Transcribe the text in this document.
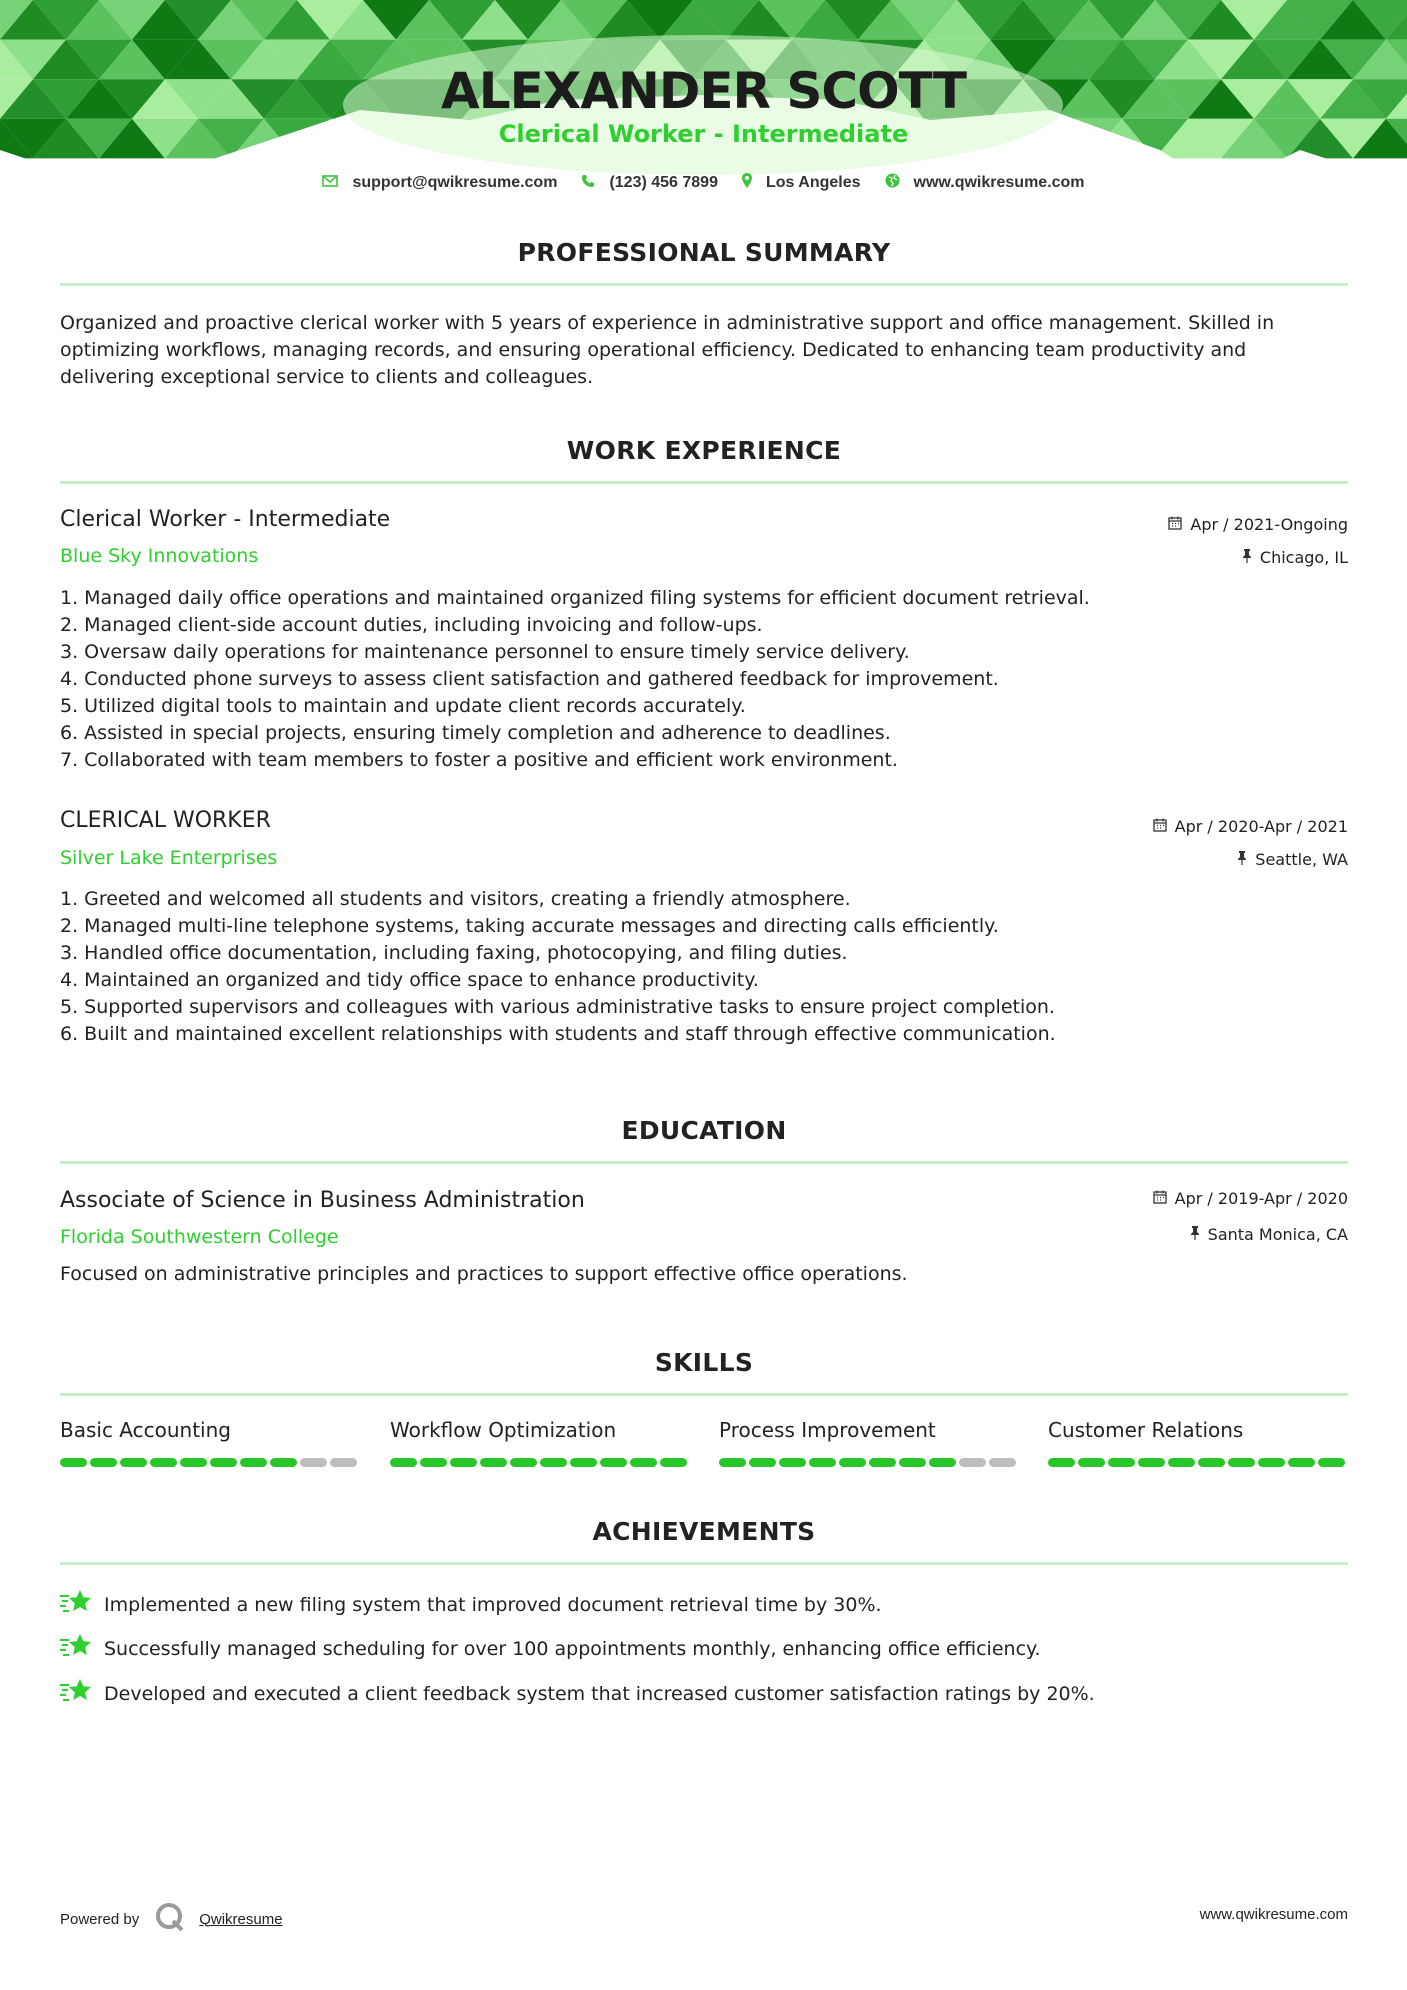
ALEXANDER SCOTT
Clerical Worker - Intermediate
support@qwikresume.com	(123) 456 7899	Los Angeles	www.qwikresume.com
PROFESSIONAL SUMMARY
Organized and proactive clerical worker with 5 years of experience in administrative support and office management. Skilled in
optimizing workflows, managing records, and ensuring operational efficiency. Dedicated to enhancing team productivity and
delivering exceptional service to clients and colleagues.
WORK EXPERIENCE
Clerical Worker - Intermediate
Blue Sky Innovations
Apr / 2021-Ongoing
Chicago, IL
1. Managed daily office operations and maintained organized filing systems for efficient document retrieval.
2. Managed client-side account duties, including invoicing and follow-ups.
3. Oversaw daily operations for maintenance personnel to ensure timely service delivery.
4. Conducted phone surveys to assess client satisfaction and gathered feedback for improvement.
5. Utilized digital tools to maintain and update client records accurately.
6. Assisted in special projects, ensuring timely completion and adherence to deadlines.
7. Collaborated with team members to foster a positive and efficient work environment.
CLERICAL WORKER
Silver Lake Enterprises
Apr / 2020-Apr / 2021
Seattle, WA
1. Greeted and welcomed all students and visitors, creating a friendly atmosphere.
2. Managed multi-line telephone systems, taking accurate messages and directing calls efficiently.
3. Handled office documentation, including faxing, photocopying, and filing duties.
4. Maintained an organized and tidy office space to enhance productivity.
5. Supported supervisors and colleagues with various administrative tasks to ensure project completion.
6. Built and maintained excellent relationships with students and staff through effective communication.
EDUCATION
Associate of Science in Business Administration
Florida Southwestern College
Apr / 2019-Apr / 2020
Santa Monica, CA
Focused on administrative principles and practices to support effective office operations.
SKILLS
Basic Accounting	Workflow Optimization	Process Improvement	Customer Relations
ACHIEVEMENTS
Implemented a new filing system that improved document retrieval time by 30%.
Successfully managed scheduling for over 100 appointments monthly, enhancing office efficiency.
Developed and executed a client feedback system that increased customer satisfaction ratings by 20%.
Powered by	Qwikresume	www.qwikresume.com
